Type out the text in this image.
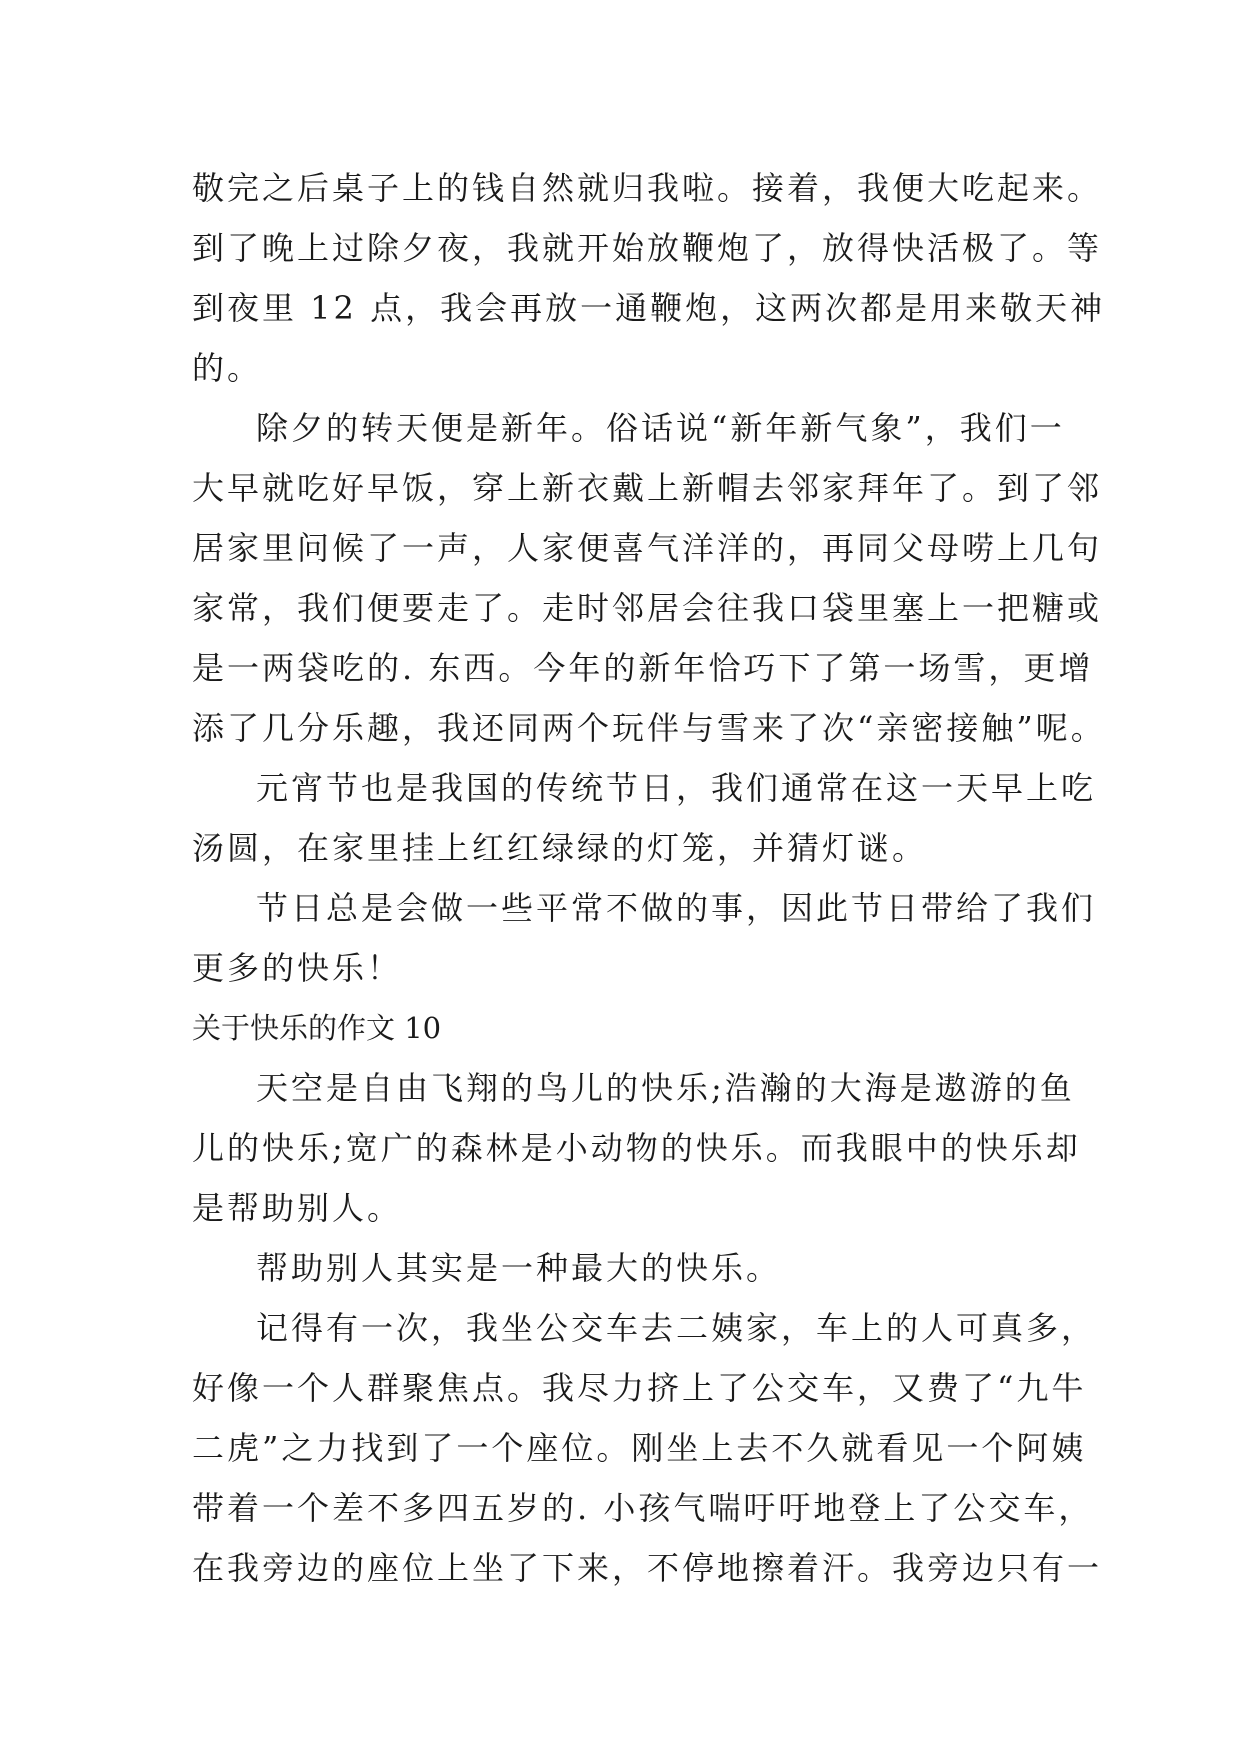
敬完之后桌子上的钱自然就归我啦。接着，我便大吃起来。
到了晚上过除夕夜，我就开始放鞭炮了，放得快活极了。等
到夜里 12 点，我会再放一通鞭炮，这两次都是用来敬天神
的。
除夕的转天便是新年。俗话说“新年新气象”，我们一
大早就吃好早饭，穿上新衣戴上新帽去邻家拜年了。到了邻
居家里问候了一声，人家便喜气洋洋的，再同父母唠上几句
家常，我们便要走了。走时邻居会往我口袋里塞上一把糖或
是一两袋吃的. 东西。今年的新年恰巧下了第一场雪，更增
添了几分乐趣，我还同两个玩伴与雪来了次“亲密接触”呢。
元宵节也是我国的传统节日，我们通常在这一天早上吃
汤圆，在家里挂上红红绿绿的灯笼，并猜灯谜。
节日总是会做一些平常不做的事，因此节日带给了我们
更多的快乐！
关于快乐的作文 10
天空是自由飞翔的鸟儿的快乐;浩瀚的大海是遨游的鱼
儿的快乐;宽广的森林是小动物的快乐。而我眼中的快乐却
是帮助别人。
帮助别人其实是一种最大的快乐。
记得有一次，我坐公交车去二姨家，车上的人可真多，
好像一个人群聚焦点。我尽力挤上了公交车，又费了“九牛
二虎”之力找到了一个座位。刚坐上去不久就看见一个阿姨
带着一个差不多四五岁的. 小孩气喘吁吁地登上了公交车，
在我旁边的座位上坐了下来，不停地擦着汗。我旁边只有一
